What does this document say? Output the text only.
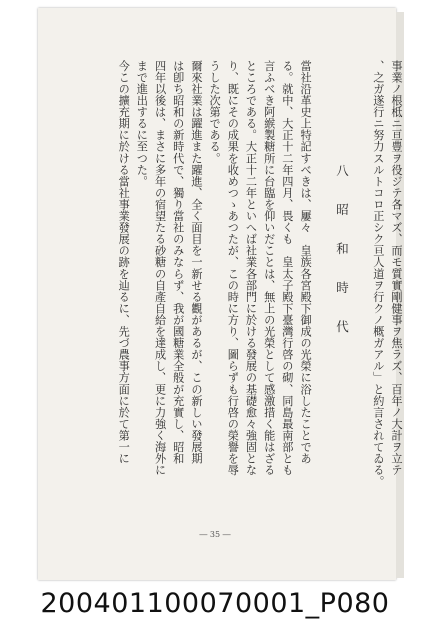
事業ノ根柢ニ亘豊ヲ役ジテ各マズ、而モ質實剛健事ヲ焦ラズ、百年ノ大計ヲ立テ
、之ガ遂行ニ努力スルトコロ正シク亘人道ヲ行クノ概ガアル」と約言されてゐる。
八　昭　和　時　代
當社沿革史上特記すべきは、屢々　皇族各宮殿下御成の光榮に浴したことであ
る。就中、大正十二年四月、畏くも　皇太子殿下臺灣行啓の砌、同島最南部とも
言ふべき阿緱製糖所に台臨を仰いだことは、無上の光榮として感激措く能はざる
ところである。大正十二年といへば社業各部門に於ける發展の基礎愈々強固とな
り、既にその成果を收めつゝあつたが、この時に方り、圖らずも行啓の榮譽を辱
うした次第である。
爾來社業は躍進また躍進、全く面目を一新せる觀があるが、この新しい發展期
は卽ち昭和の新時代で、獨り當社のみならず、我が國糖業全般が充實し、昭和
四年以後は、まさに多年の宿望たる砂糖の自產自給を達成し、更に力強く海外に
まで進出するに至つた。
今この擴充期に於ける當社事業發展の跡を辿るに、先づ農事方面に於て第一に
― 35 ―
200401100070001_P080
